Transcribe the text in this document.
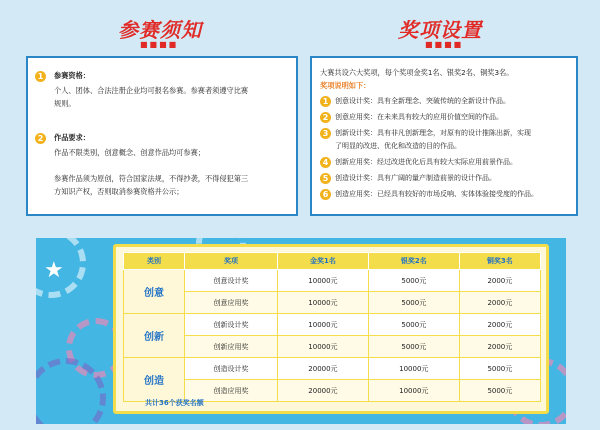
参赛须知
■■■■
奖项设置
■■■■
1	参赛资格：
个人、团体、合法注册企业均可报名参赛。参赛者须遵守比赛
规则。
2	作品要求：
作品不限类别，创意概念、创意作品均可参赛；
参赛作品须为原创，符合国家法规，不得抄袭，不得侵犯第三
方知识产权，否则取消参赛资格并公示；
大赛共设六大奖项，每个奖项金奖1名、银奖2名、铜奖3名。
奖项说明如下：
1 创意设计奖：具有全新理念、突破传统的全新设计作品。
2 创意应用奖：在未来具有较大的应用价值空间的作品。
3 创新设计奖：具有非凡创新理念，对原有的设计推陈出新，实现
了明显的改进、优化和改造的目的作品。
4 创新应用奖：经过改进优化后具有较大实际应用前景作品。
5 创造设计奖：具有广阔的量产制造前景的设计作品。
6 创造应用奖：已经具有较好的市场反响、实体体验接受度的作品。
★	类别	奖项	金奖1名	银奖2名	铜奖3名
创意	创意设计奖	10000元	5000元	2000元
	创意应用奖	10000元	5000元	2000元
创新	创新设计奖	10000元	5000元	2000元
	创新应用奖	10000元	5000元	2000元
创造	创造设计奖	20000元	10000元	5000元
	创造应用奖	20000元	10000元	5000元
共计36个获奖名额
